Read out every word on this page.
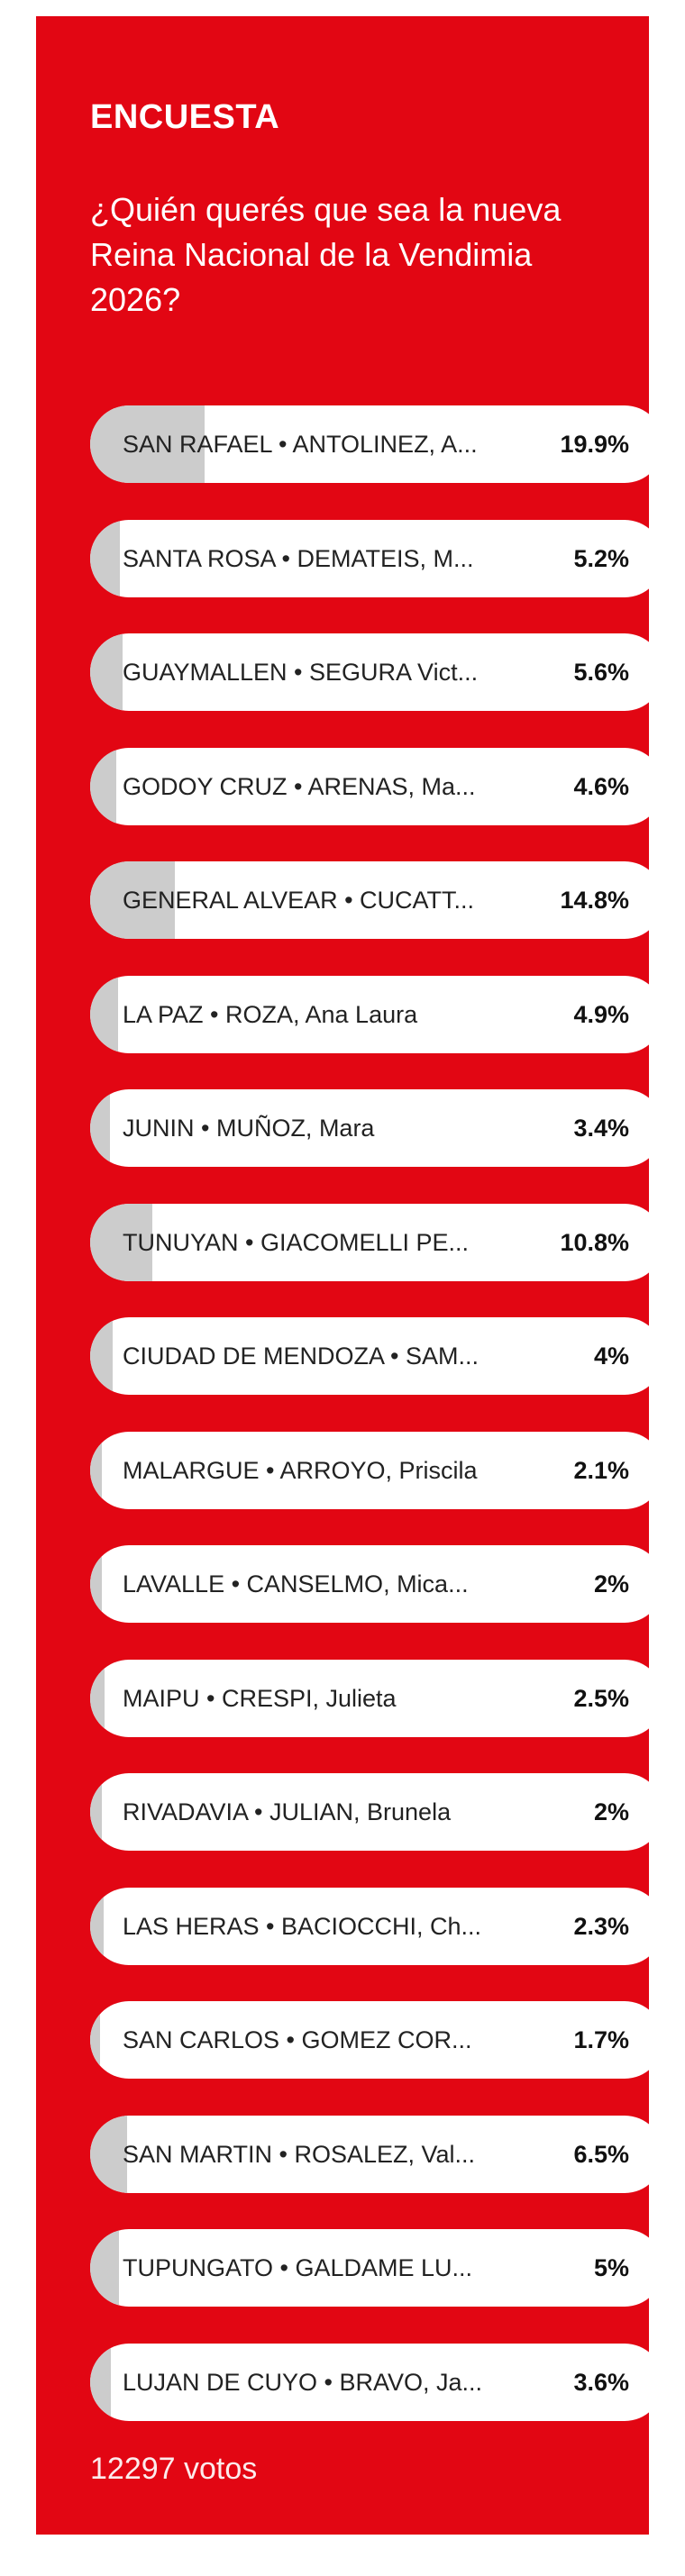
ENCUESTA

¿Quién querés que sea la nueva Reina Nacional de la Vendimia 2026?

SAN RAFAEL • ANTOLINEZ, A...	19.9%
SANTA ROSA • DEMATEIS, M...	5.2%
GUAYMALLEN • SEGURA Vict...	5.6%
GODOY CRUZ • ARENAS, Ma...	4.6%
GENERAL ALVEAR • CUCATT...	14.8%
LA PAZ • ROZA, Ana Laura	4.9%
JUNIN • MUÑOZ, Mara	3.4%
TUNUYAN • GIACOMELLI PE...	10.8%
CIUDAD DE MENDOZA • SAM...	4%
MALARGUE • ARROYO, Priscila	2.1%
LAVALLE • CANSELMO, Mica...	2%
MAIPU • CRESPI, Julieta	2.5%
RIVADAVIA • JULIAN, Brunela	2%
LAS HERAS • BACIOCCHI, Ch...	2.3%
SAN CARLOS • GOMEZ COR...	1.7%
SAN MARTIN • ROSALEZ, Val...	6.5%
TUPUNGATO • GALDAME LU...	5%
LUJAN DE CUYO • BRAVO, Ja...	3.6%
12297 votos
